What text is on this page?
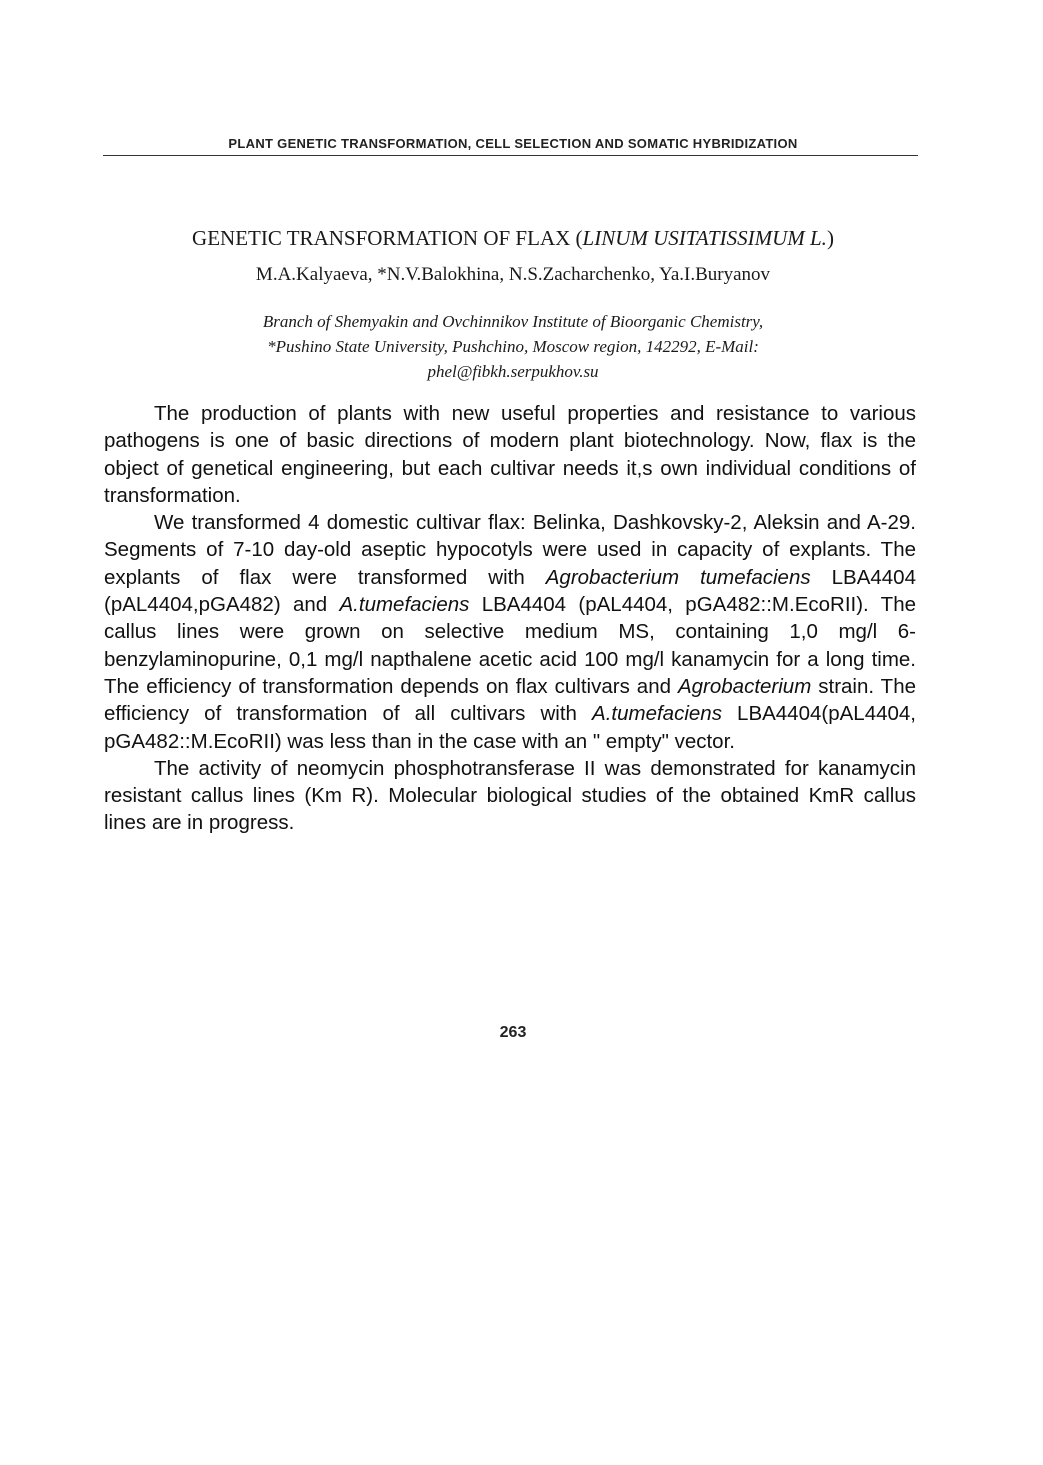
PLANT GENETIC TRANSFORMATION, CELL SELECTION AND SOMATIC HYBRIDIZATION
GENETIC TRANSFORMATION OF FLAX (LINUM USITATISSIMUM L.)
M.A.Kalyaeva, *N.V.Balokhina, N.S.Zacharchenko, Ya.I.Buryanov
Branch of Shemyakin and Ovchinnikov Institute of Bioorganic Chemistry,
*Pushino State University, Pushchino, Moscow region, 142292, E-Mail:
phel@fibkh.serpukhov.su

The production of plants with new useful properties and resistance to various pathogens is one of basic directions of modern plant biotechnology. Now, flax is the object of genetical engineering, but each cultivar needs it,s own individual conditions of transformation.

We transformed 4 domestic cultivar flax: Belinka, Dashkovsky-2, Aleksin and A-29. Segments of 7-10 day-old aseptic hypocotyls were used in capacity of explants. The explants of flax were transformed with Agrobacterium tumefaciens LBA4404 (pAL4404,pGA482) and A.tumefaciens LBA4404 (pAL4404, pGA482::M.EcoRII). The callus lines were grown on selective medium MS, containing 1,0 mg/l 6-benzylaminopurine, 0,1 mg/l napthalene acetic acid 100 mg/l kanamycin for a long time. The efficiency of transformation depends on flax cultivars and Agrobacterium strain. The efficiency of transformation of all cultivars with A.tumefaciens LBA4404(pAL4404, pGA482::M.EcoRII) was less than in the case with an " empty" vector.

The activity of neomycin phosphotransferase II was demonstrated for kanamycin resistant callus lines (Km R). Molecular biological studies of the obtained KmR callus lines are in progress.

263
